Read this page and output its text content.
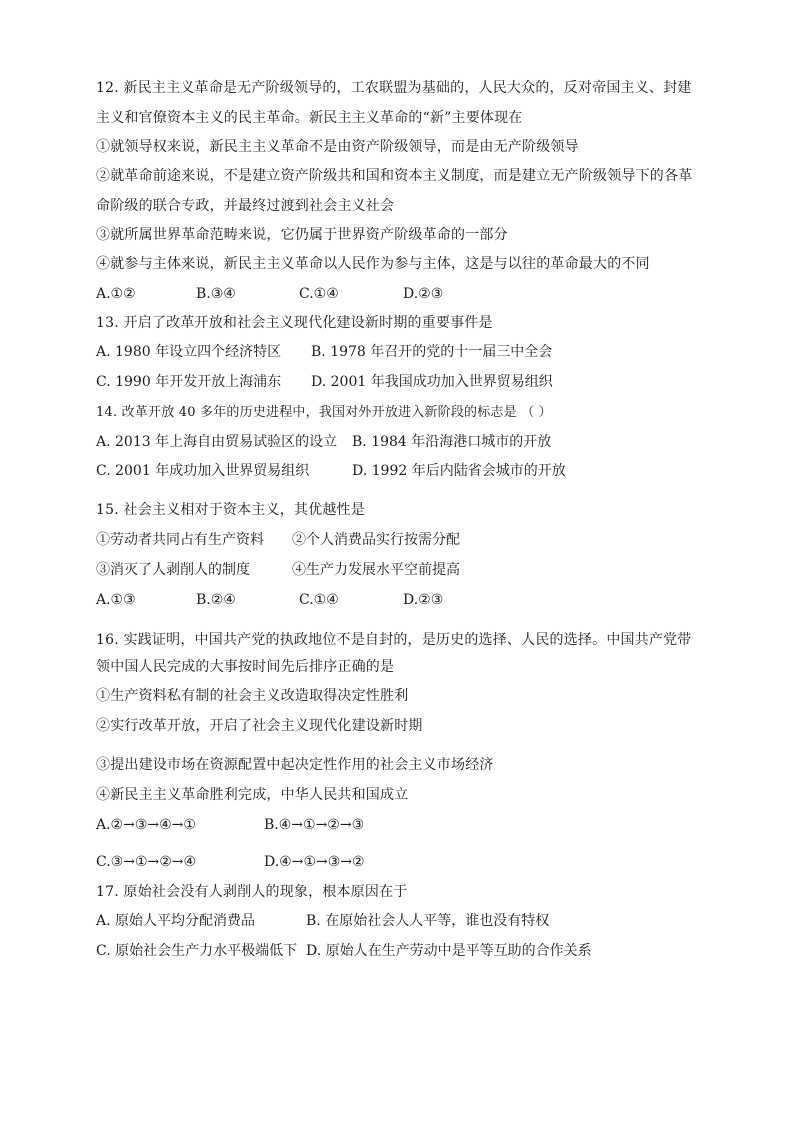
12. 新民主主义革命是无产阶级领导的，工农联盟为基础的，人民大众的，反对帝国主义、封建
主义和官僚资本主义的民主革命。新民主主义革命的“新”主要体现在
①就领导权来说，新民主主义革命不是由资产阶级领导，而是由无产阶级领导
②就革命前途来说，不是建立资产阶级共和国和资本主义制度，而是建立无产阶级领导下的各革
命阶级的联合专政，并最终过渡到社会主义社会
③就所属世界革命范畴来说，它仍属于世界资产阶级革命的一部分
④就参与主体来说，新民主主义革命以人民作为参与主体，这是与以往的革命最大的不同
A.①②	B.③④	C.①④	D.②③
13. 开启了改革开放和社会主义现代化建设新时期的重要事件是
A. 1980 年设立四个经济特区 B. 1978 年召开的党的十一届三中全会
C. 1990 年开发开放上海浦东 D. 2001 年我国成功加入世界贸易组织
14. 改革开放 40 多年的历史进程中，我国对外开放进入新阶段的标志是 （ ）
A. 2013 年上海自由贸易试验区的设立 B. 1984 年沿海港口城市的开放
C. 2001 年成功加入世界贸易组织	D. 1992 年后内陆省会城市的开放
15. 社会主义相对于资本主义，其优越性是
①劳动者共同占有生产资料 ②个人消费品实行按需分配
③消灭了人剥削人的制度	④生产力发展水平空前提高
A.①③	B.②④	C.①④	D.②③
16. 实践证明，中国共产党的执政地位不是自封的，是历史的选择、人民的选择。中国共产党带
领中国人民完成的大事按时间先后排序正确的是
①生产资料私有制的社会主义改造取得决定性胜利
②实行改革开放，开启了社会主义现代化建设新时期
③提出建设市场在资源配置中起决定性作用的社会主义市场经济
④新民主主义革命胜利完成，中华人民共和国成立
A.②→③→④→①	B.④→①→②→③
C.③→①→②→④	D.④→①→③→②
17. 原始社会没有人剥削人的现象，根本原因在于
A. 原始人平均分配消费品	B. 在原始社会人人平等，谁也没有特权
C. 原始社会生产力水平极端低下 D. 原始人在生产劳动中是平等互助的合作关系
